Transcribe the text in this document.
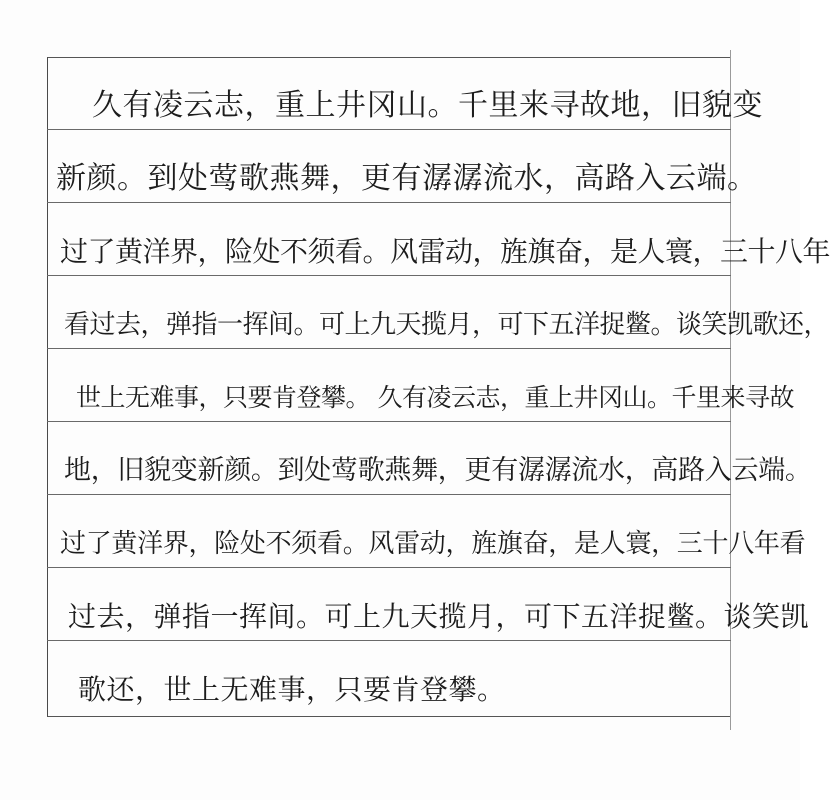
久有凌云志，重上井冈山。千里来寻故地，旧貌变
新颜。到处莺歌燕舞，更有潺潺流水，高路入云端。
过了黄洋界，险处不须看。风雷动，旌旗奋，是人寰，三十八年
看过去，弹指一挥间。可上九天揽月，可下五洋捉鳖。谈笑凯歌还，
世上无难事，只要肯登攀。 久有凌云志，重上井冈山。千里来寻故
地，旧貌变新颜。到处莺歌燕舞，更有潺潺流水，高路入云端。
过了黄洋界，险处不须看。风雷动，旌旗奋，是人寰，三十八年看
过去，弹指一挥间。可上九天揽月，可下五洋捉鳖。谈笑凯
歌还，世上无难事，只要肯登攀。
